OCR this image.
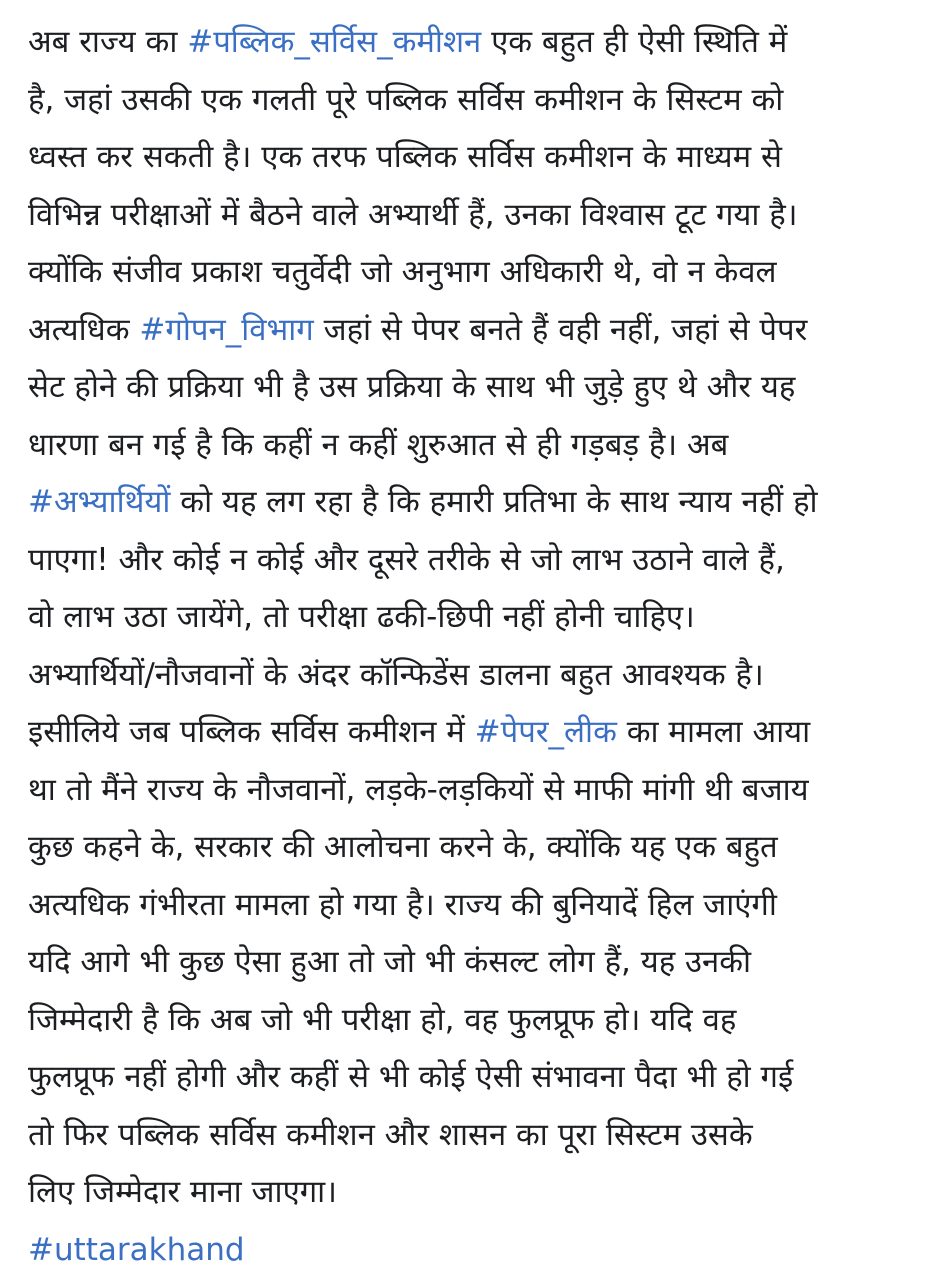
अब राज्य का #पब्लिक_सर्विस_कमीशन एक बहुत ही ऐसी स्थिति में
है, जहां उसकी एक गलती पूरे पब्लिक सर्विस कमीशन के सिस्टम को
ध्वस्त कर सकती है। एक तरफ पब्लिक सर्विस कमीशन के माध्यम से
विभिन्न परीक्षाओं में बैठने वाले अभ्यार्थी हैं, उनका विश्वास टूट गया है।
क्योंकि संजीव प्रकाश चतुर्वेदी जो अनुभाग अधिकारी थे, वो न केवल
अत्यधिक #गोपन_विभाग जहां से पेपर बनते हैं वही नहीं, जहां से पेपर
सेट होने की प्रक्रिया भी है उस प्रक्रिया के साथ भी जुड़े हुए थे और यह
धारणा बन गई है कि कहीं न कहीं शुरुआत से ही गड़बड़ है। अब
#अभ्यार्थियों को यह लग रहा है कि हमारी प्रतिभा के साथ न्याय नहीं हो
पाएगा! और कोई न कोई और दूसरे तरीके से जो लाभ उठाने वाले हैं,
वो लाभ उठा जायेंगे, तो परीक्षा ढकी-छिपी नहीं होनी चाहिए।
अभ्यार्थियों/नौजवानों के अंदर कॉन्फिडेंस डालना बहुत आवश्यक है।
इसीलिये जब पब्लिक सर्विस कमीशन में #पेपर_लीक का मामला आया
था तो मैंने राज्य के नौजवानों, लड़के-लड़कियों से माफी मांगी थी बजाय
कुछ कहने के, सरकार की आलोचना करने के, क्योंकि यह एक बहुत
अत्यधिक गंभीरता मामला हो गया है। राज्य की बुनियादें हिल जाएंगी
यदि आगे भी कुछ ऐसा हुआ तो जो भी कंसल्ट लोग हैं, यह उनकी
जिम्मेदारी है कि अब जो भी परीक्षा हो, वह फुलप्रूफ हो। यदि वह
फुलप्रूफ नहीं होगी और कहीं से भी कोई ऐसी संभावना पैदा भी हो गई
तो फिर पब्लिक सर्विस कमीशन और शासन का पूरा सिस्टम उसके
लिए जिम्मेदार माना जाएगा।
#uttarakhand
